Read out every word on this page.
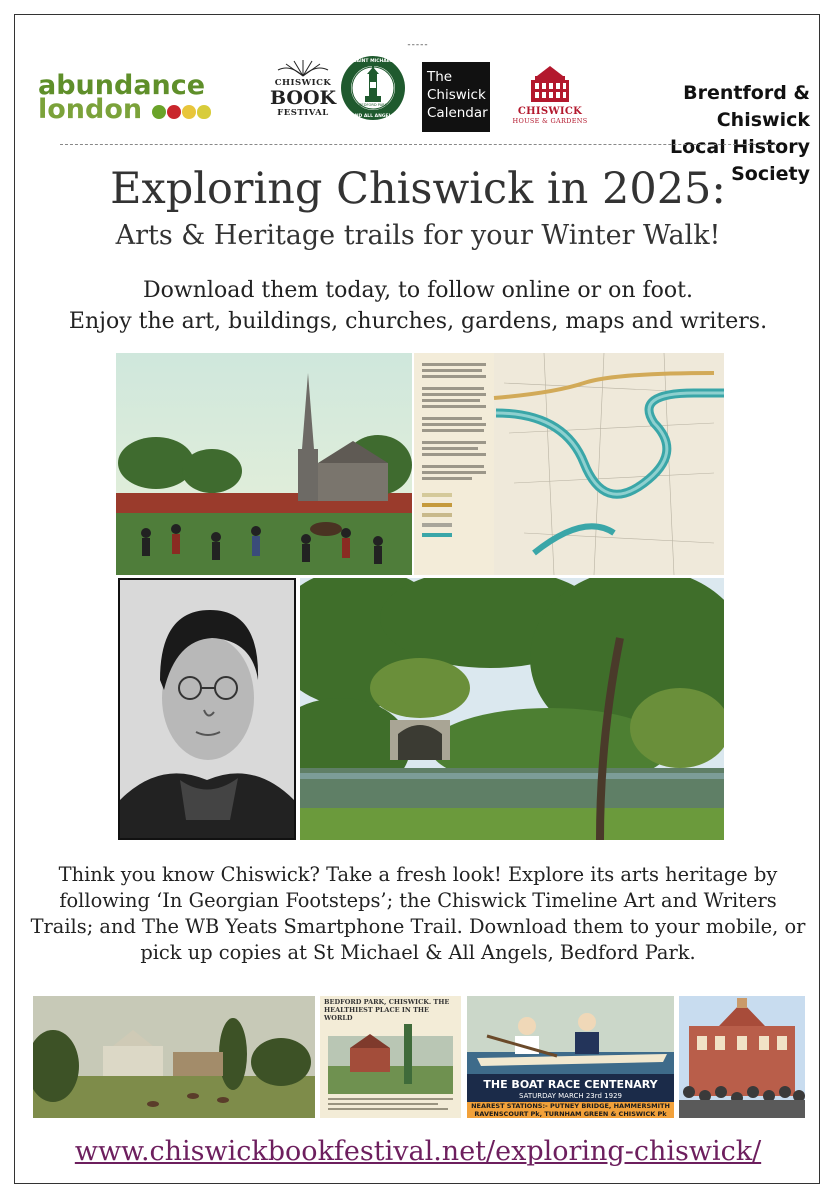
-----
abundance
london
CHISWICK
BOOK
FESTIVAL
SAINT MICHAEL
AND ALL ANGELS
BEDFORD PARK
The
Chiswick
Calendar	CHISWICK
HOUSE & GARDENS
Brentford & Chiswick
Local History Society
Exploring Chiswick in 2025:
Arts & Heritage trails for your Winter Walk!
Download them today, to follow online or on foot.
Enjoy the art, buildings, churches, gardens, maps and writers.
Think you know Chiswick? Take a fresh look! Explore its arts heritage by following ‘In Georgian Footsteps’; the Chiswick Timeline Art and Writers Trails; and The WB Yeats Smartphone Trail. Download them to your mobile, or pick up copies at St Michael & All Angels, Bedford Park.
BEDFORD PARK, CHISWICK. THE HEALTHIEST PLACE IN THE WORLD
THE BOAT RACE CENTENARY
SATURDAY MARCH 23rd 1929
NEAREST STATIONS:- PUTNEY BRIDGE, HAMMERSMITH RAVENSCOURT Pk, TURNHAM GREEN & CHISWICK Pk
www.chiswickbookfestival.net/exploring-chiswick/
